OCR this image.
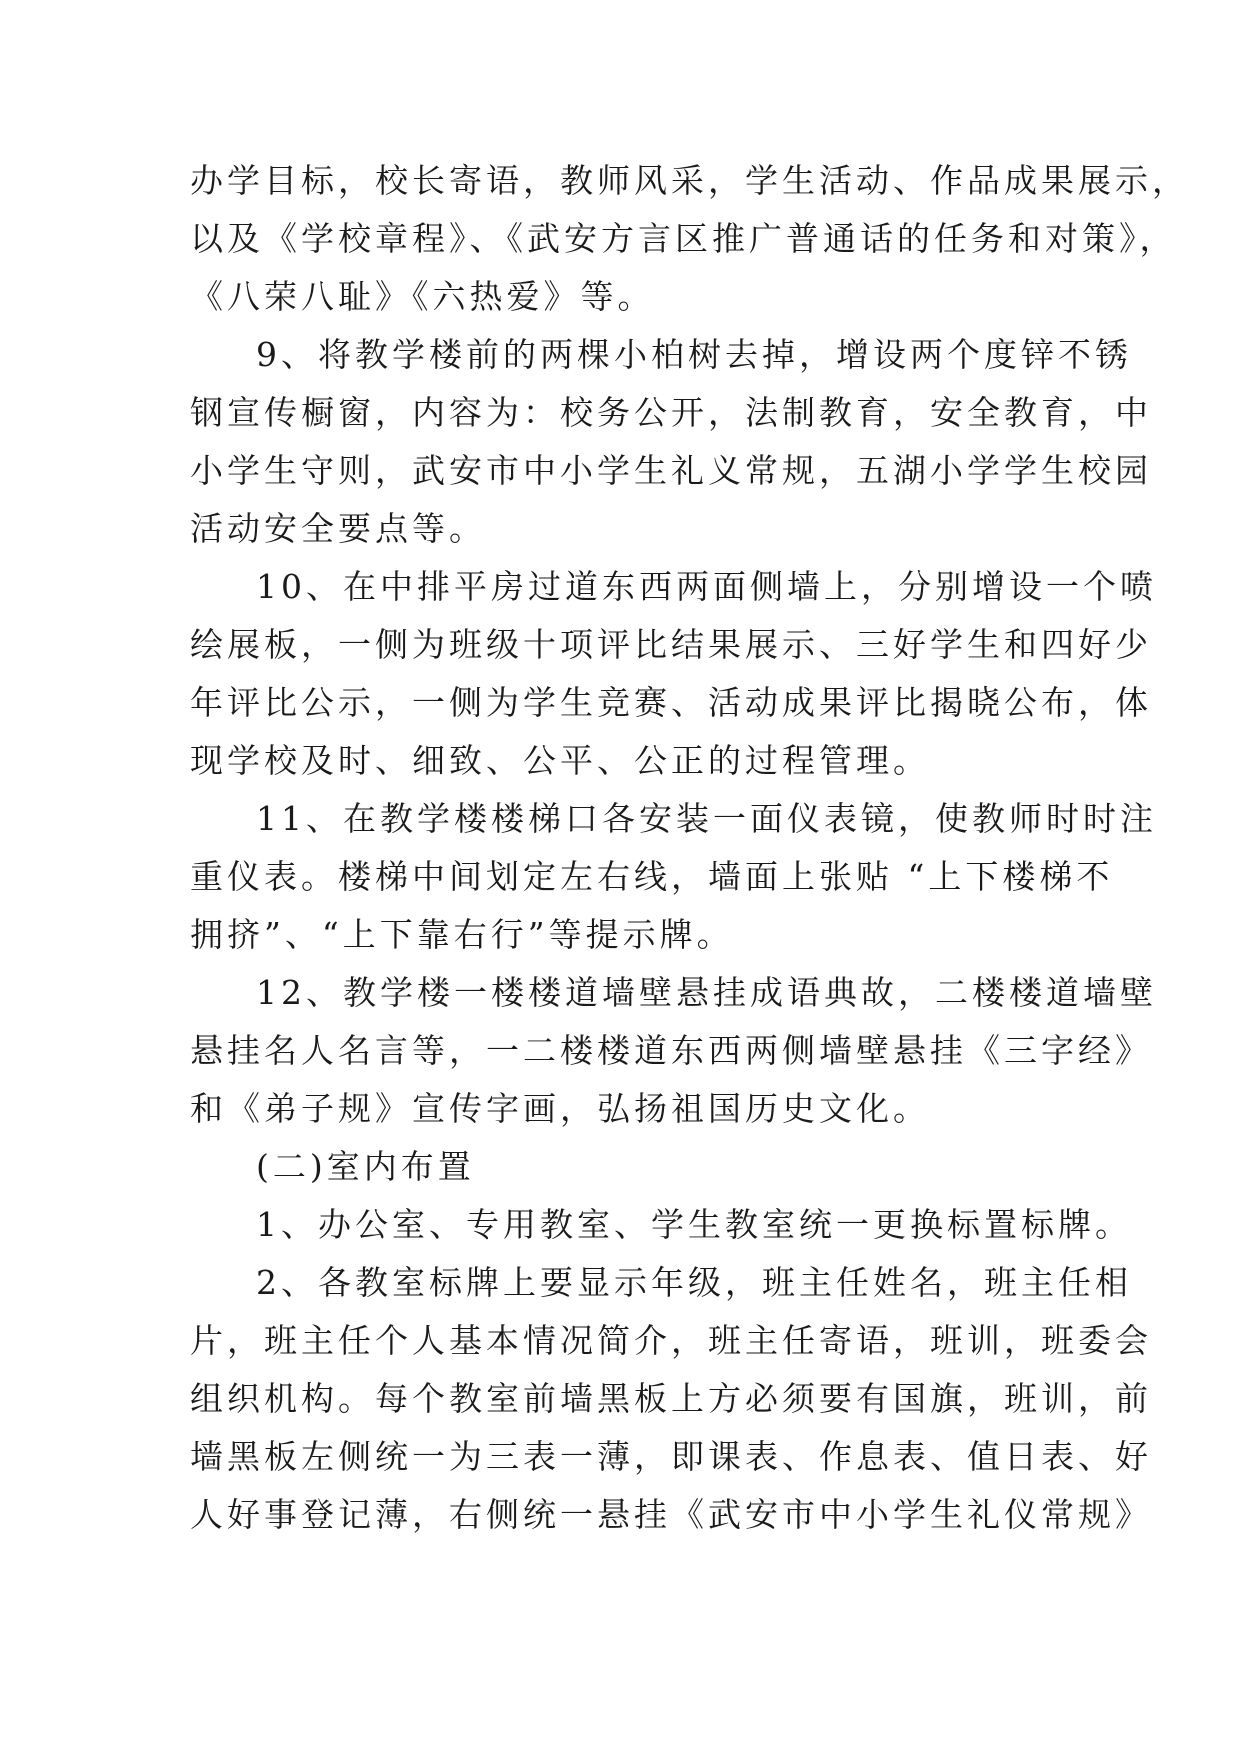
办学目标，校长寄语，教师风采，学生活动、作品成果展示，
以及《学校章程》、《武安方言区推广普通话的任务和对策》，
《八荣八耻》《六热爱》等。
9、将教学楼前的两棵小柏树去掉，增设两个度锌不锈
钢宣传橱窗，内容为：校务公开，法制教育，安全教育，中
小学生守则，武安市中小学生礼义常规，五湖小学学生校园
活动安全要点等。
10、在中排平房过道东西两面侧墙上，分别增设一个喷
绘展板，一侧为班级十项评比结果展示、三好学生和四好少
年评比公示，一侧为学生竞赛、活动成果评比揭晓公布，体
现学校及时、细致、公平、公正的过程管理。
11、在教学楼楼梯口各安装一面仪表镜，使教师时时注
重仪表。楼梯中间划定左右线，墙面上张贴 “上下楼梯不
拥挤”、“上下靠右行”等提示牌。
12、教学楼一楼楼道墙壁悬挂成语典故，二楼楼道墙壁
悬挂名人名言等，一二楼楼道东西两侧墙壁悬挂《三字经》
和《弟子规》宣传字画，弘扬祖国历史文化。
(二)室内布置
1、办公室、专用教室、学生教室统一更换标置标牌。
2、各教室标牌上要显示年级，班主任姓名，班主任相
片，班主任个人基本情况简介，班主任寄语，班训，班委会
组织机构。每个教室前墙黑板上方必须要有国旗，班训，前
墙黑板左侧统一为三表一薄，即课表、作息表、值日表、好
人好事登记薄，右侧统一悬挂《武安市中小学生礼仪常规》
